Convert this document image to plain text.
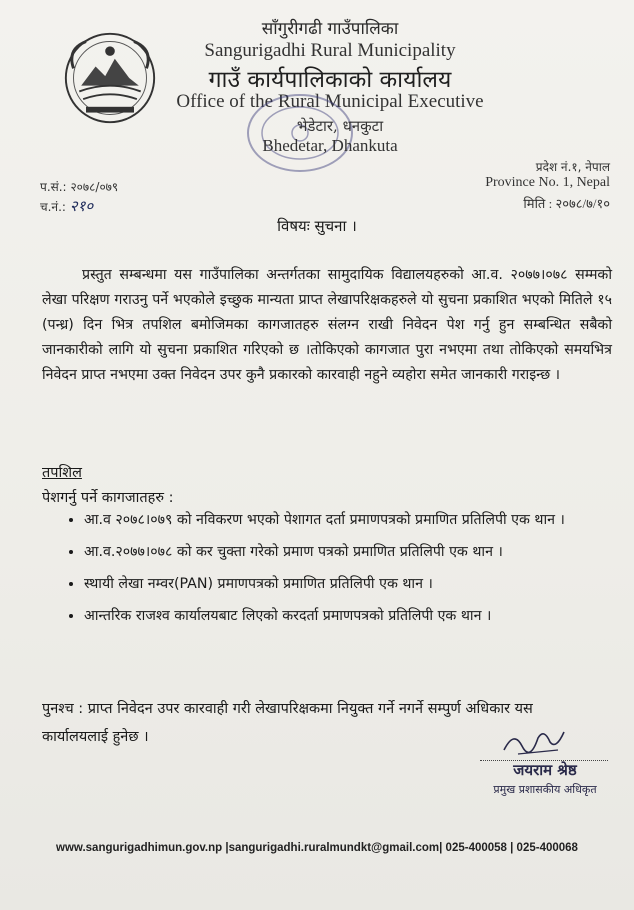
साँगुरीगढी गाउँपालिका
Sangurigadhi Rural Municipality
गाउँ कार्यपालिकाको कार्यालय
Office of the Rural Municipal Executive
भेडेटार, धनकुटा
Bhedetar, Dhankuta
प.सं.: २०७८/०७९
च.नं.: २१०
प्रदेश नं.१, नेपाल
Province No. 1, Nepal
मिति : २०७८/७/१०
विषयः सुचना ।
प्रस्तुत सम्बन्धमा यस गाउँपालिका अन्तर्गतका सामुदायिक विद्यालयहरुको आ.व. २०७७।०७८ सम्मको लेखा परिक्षण गराउनु पर्ने भएकोले इच्छुक मान्यता प्राप्त लेखापरिक्षकहरुले यो सुचना प्रकाशित भएको मितिले १५ (पन्ध्र) दिन भित्र तपशिल बमोजिमका कागजातहरु संलग्न राखी निवेदन पेश गर्नु हुन सम्बन्धित सबैको जानकारीको लागि यो सुचना प्रकाशित गरिएको छ ।तोकिएको कागजात पुरा नभएमा तथा तोकिएको समयभित्र निवेदन प्राप्त नभएमा उक्त निवेदन उपर कुनै प्रकारको कारवाही नहुने व्यहोरा समेत जानकारी गराइन्छ ।
तपशिल
पेशगर्नु पर्ने कागजातहरु :
• आ.व २०७८।०७९ को नविकरण भएको पेशागत दर्ता प्रमाणपत्रको प्रमाणित प्रतिलिपी एक थान ।
• आ.व.२०७७।०७८ को कर चुक्ता गरेको प्रमाण पत्रको प्रमाणित प्रतिलिपी एक थान ।
• स्थायी लेखा नम्वर(PAN) प्रमाणपत्रको प्रमाणित प्रतिलिपी एक थान ।
• आन्तरिक राजश्व कार्यालयबाट लिएको करदर्ता प्रमाणपत्रको प्रतिलिपी एक थान ।
पुनश्च : प्राप्त निवेदन उपर कारवाही गरी लेखापरिक्षकमा नियुक्त गर्ने नगर्ने सम्पुर्ण अधिकार यस कार्यालयलाई हुनेछ ।
जयराम श्रेष्ठ
प्रमुख प्रशासकीय अधिकृत
www.sangurigadhimun.gov.np |sangurigadhi.ruralmundkt@gmail.com| 025-400058 | 025-400068
